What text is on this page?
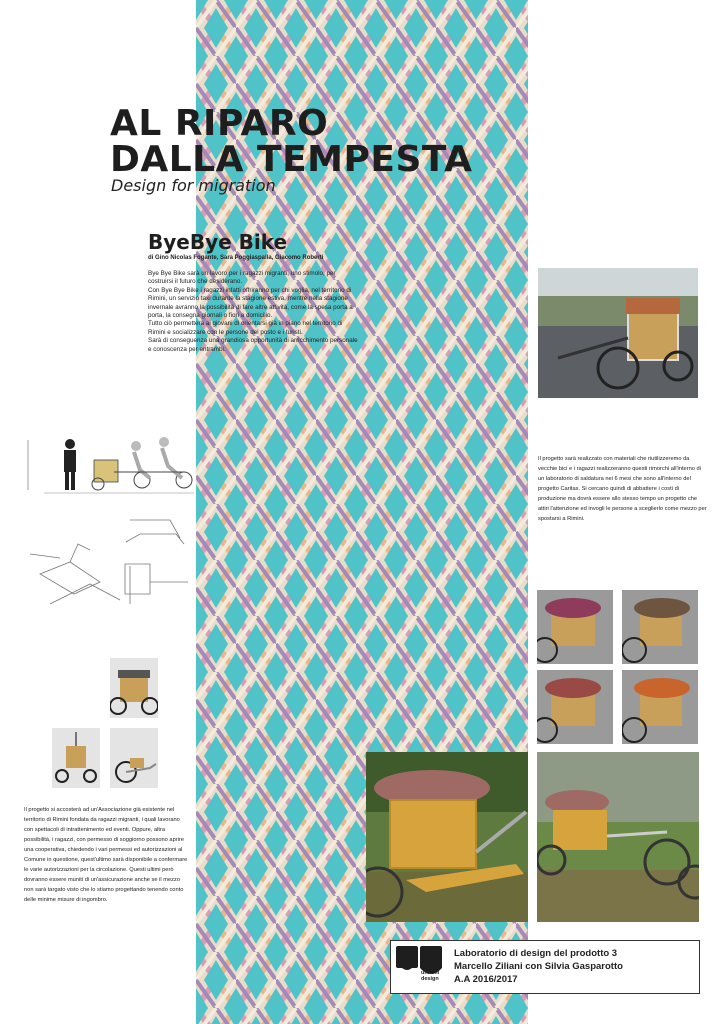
AL RIPARO
DALLA TEMPESTA
Design for migration
ByeBye Bike
di Gino Nicolas Fogante, Sara Poggiaspalla, Giacomo Roberti

Bye Bye Bike sarà un lavoro per i ragazzi migranti, uno stimolo, per costruirsi il futuro che desiderano.

Con Bye Bye Bike i ragazzi infatti offriranno per chi voglia, nel territorio di Rimini, un servizio taxi durante la stagione estiva, mentre nella stagione invernale avranno la possibilità di fare altre attività, come la spesa porta a porta, la consegna giornali o fiori a domicilio.

Tutto ciò permetterà ai giovani di orientarsi già in piano nel territorio di Rimini e socializzare con le persone del posto e i turisti.

Sarà di conseguenza una grandiosa opportunità di arricchimento personale e conoscenza per entrambi.

Il progetto sarà realizzato con materiali che riutilizzeremo da vecchie bici e i ragazzi realizzeranno questi rimorchi all'interno di un laboratorio di saldatura nei 6 mesi che sono all'interno del progetto Caritas. Si cercano quindi di abbattere i costi di produzione ma dovrà essere allo stesso tempo un progetto che attiri l'attenzione ed invogli le persone a sceglierlo come mezzo per spostarsi a Rimini.
Il progetto si accosterà ad un'Associazione già esistente nel territorio di Rimini fondata da ragazzi migranti, i quali lavorano con spettacoli di intrattenimento ed eventi. Oppure, altra possibilità, i ragazzi, con permesso di soggiorno possono aprire una cooperativa, chiedendo i vari permessi ed autorizzazioni al Comune in questione, quest'ultimo sarà disponibile a confermare le varie autorizzazioni per la circolazione. Questi ultimi però dovranno essere muniti di un'assicurazione anche se il mezzo non sarà targato visto che lo stiamo progettando tenendo conto delle minime misure di ingombro.
unirsm
design
Laboratorio di design del prodotto 3
Marcello Ziliani con Silvia Gasparotto
A.A 2016/2017
